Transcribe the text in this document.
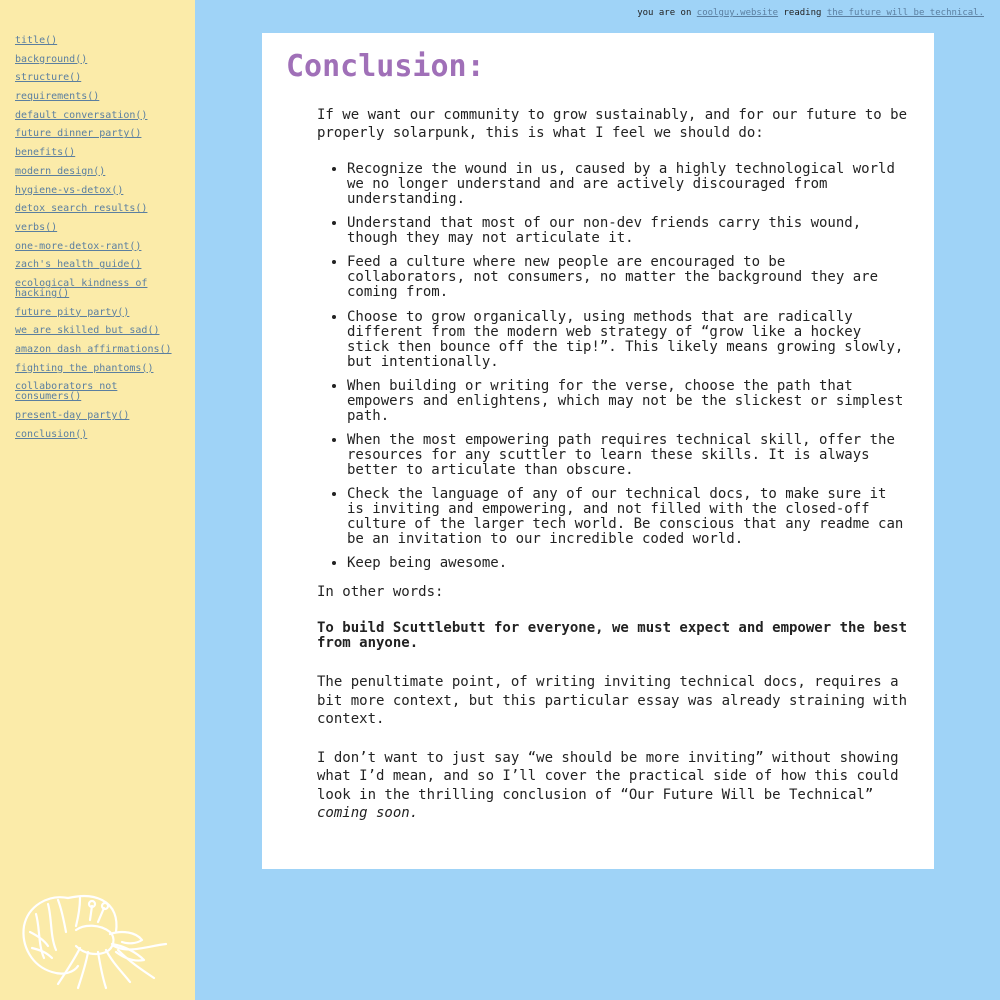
title()
background()
structure()
requirements()
default conversation()
future dinner party()
benefits()
modern design()
hygiene-vs-detox()
detox search results()
verbs()
one-more-detox-rant()
zach's health guide()
ecological kindness of hacking()
future pity party()
we are skilled but sad()
amazon dash affirmations()
fighting the phantoms()
collaborators not consumers()
present-day party()
conclusion()
you are on coolguy.website reading the future will be technical.
Conclusion:

If we want our community to grow sustainably, and for our future to be properly solarpunk, this is what I feel we should do:

• Recognize the wound in us, caused by a highly technological world we no longer understand and are actively discouraged from understanding.
• Understand that most of our non-dev friends carry this wound, though they may not articulate it.
• Feed a culture where new people are encouraged to be collaborators, not consumers, no matter the background they are coming from.
• Choose to grow organically, using methods that are radically different from the modern web strategy of “grow like a hockey stick then bounce off the tip!”. This likely means growing slowly, but intentionally.
• When building or writing for the verse, choose the path that empowers and enlightens, which may not be the slickest or simplest path.
• When the most empowering path requires technical skill, offer the resources for any scuttler to learn these skills. It is always better to articulate than obscure.
• Check the language of any of our technical docs, to make sure it is inviting and empowering, and not filled with the closed-off culture of the larger tech world. Be conscious that any readme can be an invitation to our incredible coded world.
• Keep being awesome.

In other words:

To build Scuttlebutt for everyone, we must expect and empower the best from anyone.

The penultimate point, of writing inviting technical docs, requires a bit more context, but this particular essay was already straining with context.

I don’t want to just say “we should be more inviting” without showing what I’d mean, and so I’ll cover the practical side of how this could look in the thrilling conclusion of “Our Future Will be Technical”
coming soon.
